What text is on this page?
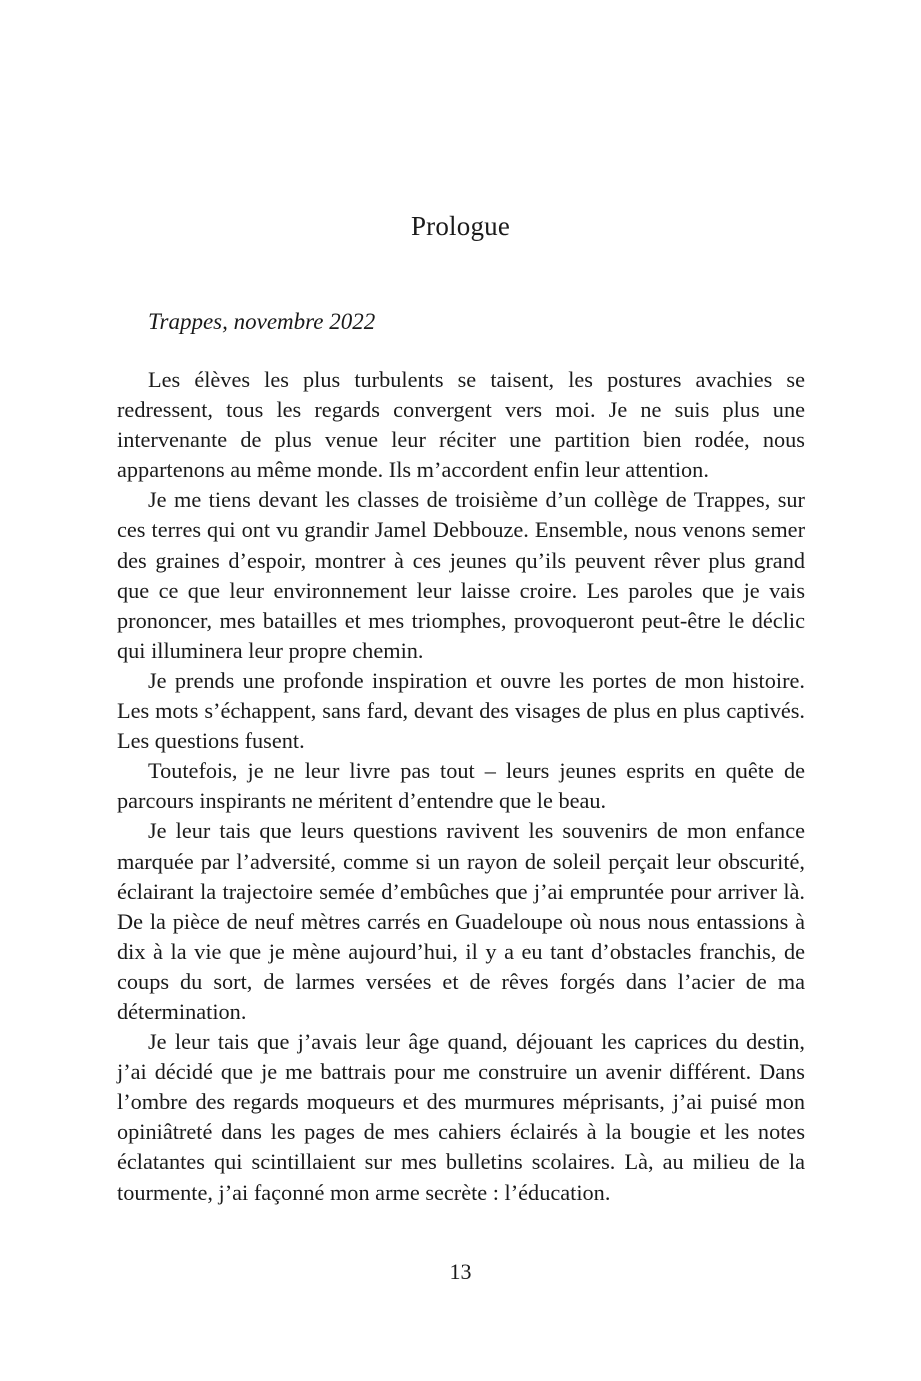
Prologue

Trappes, novembre 2022

Les élèves les plus turbulents se taisent, les postures avachies se redressent, tous les regards convergent vers moi. Je ne suis plus une intervenante de plus venue leur réciter une partition bien rodée, nous appartenons au même monde. Ils m’accordent enfin leur attention.

Je me tiens devant les classes de troisième d’un collège de Trappes, sur ces terres qui ont vu grandir Jamel Debbouze. Ensemble, nous venons semer des graines d’espoir, montrer à ces jeunes qu’ils peuvent rêver plus grand que ce que leur environnement leur laisse croire. Les paroles que je vais prononcer, mes batailles et mes triomphes, provoqueront peut-être le déclic qui illuminera leur propre chemin.

Je prends une profonde inspiration et ouvre les portes de mon histoire. Les mots s’échappent, sans fard, devant des visages de plus en plus captivés. Les questions fusent.

Toutefois, je ne leur livre pas tout – leurs jeunes esprits en quête de parcours inspirants ne méritent d’entendre que le beau.

Je leur tais que leurs questions ravivent les souvenirs de mon enfance marquée par l’adversité, comme si un rayon de soleil perçait leur obscurité, éclairant la trajectoire semée d’embûches que j’ai empruntée pour arriver là. De la pièce de neuf mètres carrés en Guadeloupe où nous nous entassions à dix à la vie que je mène aujourd’hui, il y a eu tant d’obstacles franchis, de coups du sort, de larmes versées et de rêves forgés dans l’acier de ma détermination.

Je leur tais que j’avais leur âge quand, déjouant les caprices du destin, j’ai décidé que je me battrais pour me construire un avenir différent. Dans l’ombre des regards moqueurs et des murmures méprisants, j’ai puisé mon opiniâtreté dans les pages de mes cahiers éclairés à la bougie et les notes éclatantes qui scintillaient sur mes bulletins scolaires. Là, au milieu de la tourmente, j’ai façonné mon arme secrète : l’éducation.

13
